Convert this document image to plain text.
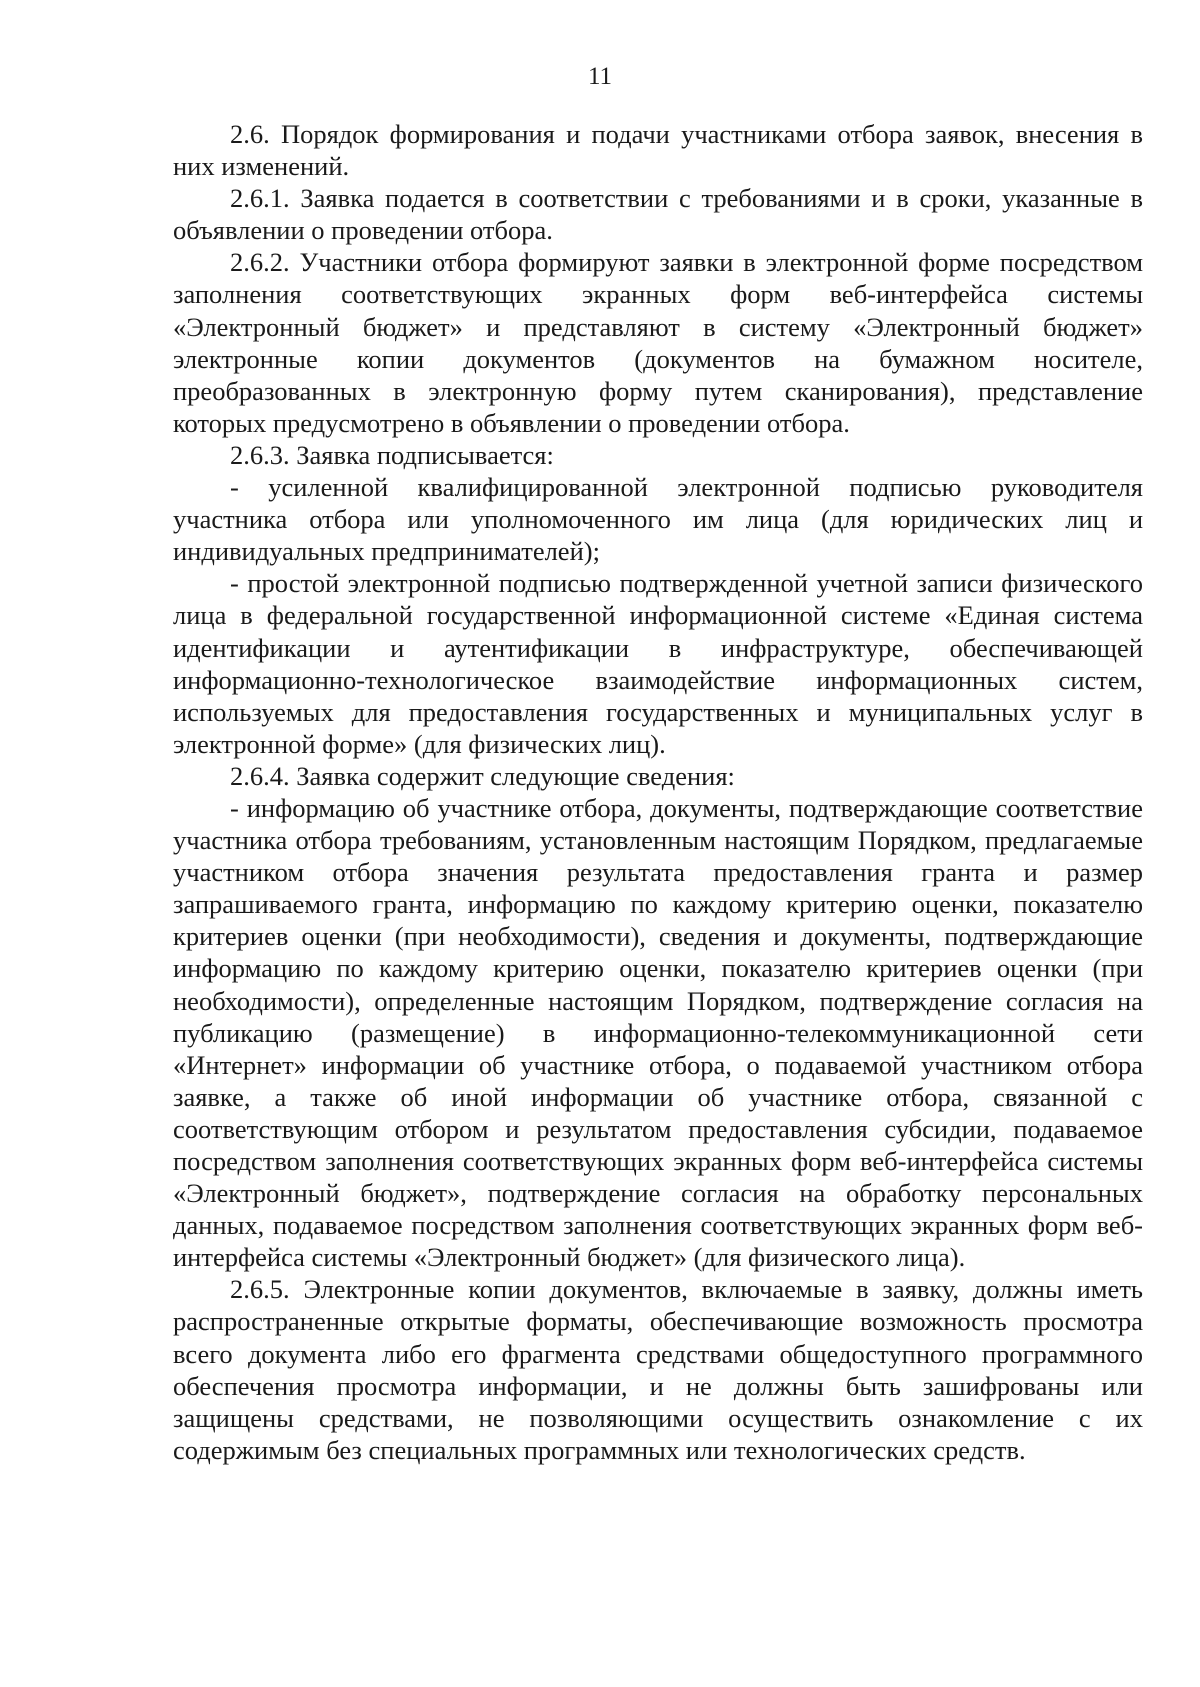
11

2.6. Порядок формирования и подачи участниками отбора заявок, внесения в них изменений.

2.6.1. Заявка подается в соответствии с требованиями и в сроки, указанные в объявлении о проведении отбора.

2.6.2. Участники отбора формируют заявки в электронной форме посредством заполнения соответствующих экранных форм веб-интерфейса системы «Электронный бюджет» и представляют в систему «Электронный бюджет» электронные копии документов (документов на бумажном носителе, преобразованных в электронную форму путем сканирования), представление которых предусмотрено в объявлении о проведении отбора.

2.6.3. Заявка подписывается:

- усиленной квалифицированной электронной подписью руководителя участника отбора или уполномоченного им лица (для юридических лиц и индивидуальных предпринимателей);

- простой электронной подписью подтвержденной учетной записи физического лица в федеральной государственной информационной системе «Единая система идентификации и аутентификации в инфраструктуре, обеспечивающей информационно-технологическое взаимодействие информационных систем, используемых для предоставления государственных и муниципальных услуг в электронной форме» (для физических лиц).

2.6.4. Заявка содержит следующие сведения:

- информацию об участнике отбора, документы, подтверждающие соответствие участника отбора требованиям, установленным настоящим Порядком, предлагаемые участником отбора значения результата предоставления гранта и размер запрашиваемого гранта, информацию по каждому критерию оценки, показателю критериев оценки (при необходимости), сведения и документы, подтверждающие информацию по каждому критерию оценки, показателю критериев оценки (при необходимости), определенные настоящим Порядком, подтверждение согласия на публикацию (размещение) в информационно-телекоммуникационной сети «Интернет» информации об участнике отбора, о подаваемой участником отбора заявке, а также об иной информации об участнике отбора, связанной с соответствующим отбором и результатом предоставления субсидии, подаваемое посредством заполнения соответствующих экранных форм веб-интерфейса системы «Электронный бюджет», подтверждение согласия на обработку персональных данных, подаваемое посредством заполнения соответствующих экранных форм веб-интерфейса системы «Электронный бюджет» (для физического лица).

2.6.5. Электронные копии документов, включаемые в заявку, должны иметь распространенные открытые форматы, обеспечивающие возможность просмотра всего документа либо его фрагмента средствами общедоступного программного обеспечения просмотра информации, и не должны быть зашифрованы или защищены средствами, не позволяющими осуществить ознакомление с их содержимым без специальных программных или технологических средств.
